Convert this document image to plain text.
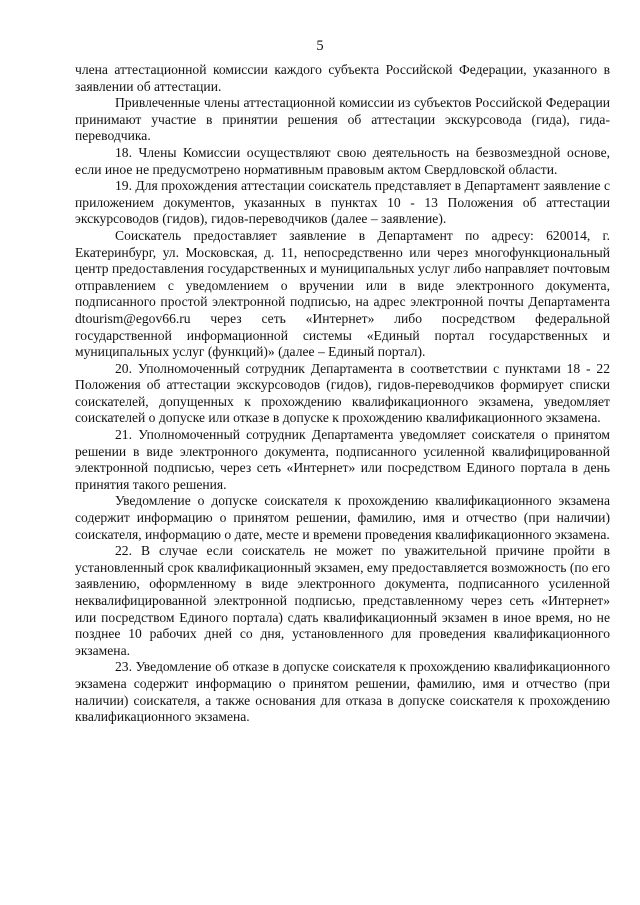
5

члена аттестационной комиссии каждого субъекта Российской Федерации, указанного в заявлении об аттестации.

Привлеченные члены аттестационной комиссии из субъектов Российской Федерации принимают участие в принятии решения об аттестации экскурсовода (гида), гида-переводчика.

18. Члены Комиссии осуществляют свою деятельность на безвозмездной основе, если иное не предусмотрено нормативным правовым актом Свердловской области.

19. Для прохождения аттестации соискатель представляет в Департамент заявление с приложением документов, указанных в пунктах 10 - 13 Положения об аттестации экскурсоводов (гидов), гидов-переводчиков (далее – заявление).

Соискатель предоставляет заявление в Департамент по адресу: 620014, г. Екатеринбург, ул. Московская, д. 11, непосредственно или через многофункциональный центр предоставления государственных и муниципальных услуг либо направляет почтовым отправлением с уведомлением о вручении или в виде электронного документа, подписанного простой электронной подписью, на адрес электронной почты Департамента dtourism@egov66.ru через сеть «Интернет» либо посредством федеральной государственной информационной системы «Единый портал государственных и муниципальных услуг (функций)» (далее – Единый портал).

20. Уполномоченный сотрудник Департамента в соответствии с пунктами 18 - 22 Положения об аттестации экскурсоводов (гидов), гидов-переводчиков формирует списки соискателей, допущенных к прохождению квалификационного экзамена, уведомляет соискателей о допуске или отказе в допуске к прохождению квалификационного экзамена.

21. Уполномоченный сотрудник Департамента уведомляет соискателя о принятом решении в виде электронного документа, подписанного усиленной квалифицированной электронной подписью, через сеть «Интернет» или посредством Единого портала в день принятия такого решения.

Уведомление о допуске соискателя к прохождению квалификационного экзамена содержит информацию о принятом решении, фамилию, имя и отчество (при наличии) соискателя, информацию о дате, месте и времени проведения квалификационного экзамена.

22. В случае если соискатель не может по уважительной причине пройти в установленный срок квалификационный экзамен, ему предоставляется возможность (по его заявлению, оформленному в виде электронного документа, подписанного усиленной неквалифицированной электронной подписью, представленному через сеть «Интернет» или посредством Единого портала) сдать квалификационный экзамен в иное время, но не позднее 10 рабочих дней со дня, установленного для проведения квалификационного экзамена.

23. Уведомление об отказе в допуске соискателя к прохождению квалификационного экзамена содержит информацию о принятом решении, фамилию, имя и отчество (при наличии) соискателя, а также основания для отказа в допуске соискателя к прохождению квалификационного экзамена.
